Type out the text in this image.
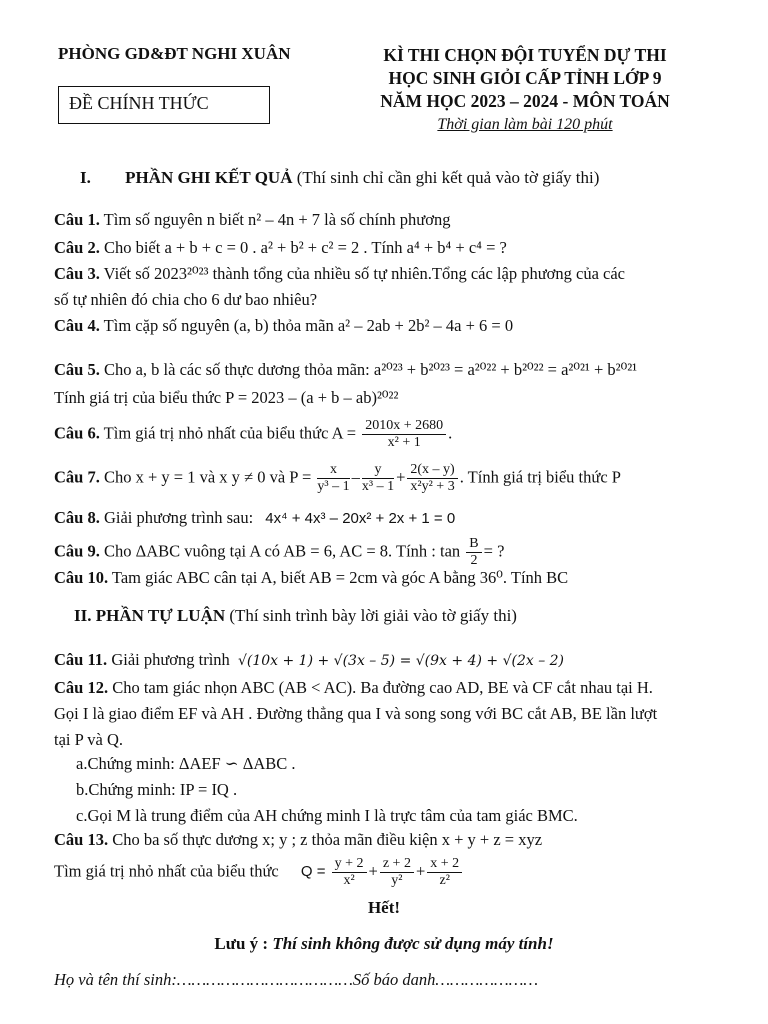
PHÒNG GD&ĐT NGHI XUÂN
ĐỀ CHÍNH THỨC
KÌ THI CHỌN ĐỘI TUYỂN DỰ THI
HỌC SINH GIỎI CẤP TỈNH LỚP 9
NĂM HỌC 2023 – 2024 - MÔN TOÁN
Thời gian làm bài 120 phút
I. PHẦN GHI KẾT QUẢ (Thí sinh chỉ cần ghi kết quả vào tờ giấy thi)
Câu 1. Tìm số nguyên n biết n² – 4n + 7 là số chính phương
Câu 2. Cho biết a + b + c = 0 . a² + b² + c² = 2 . Tính a⁴ + b⁴ + c⁴ = ?
Câu 3. Viết số 2023²⁰²³ thành tổng của nhiều số tự nhiên.Tổng các lập phương của các
số tự nhiên đó chia cho 6 dư bao nhiêu?
Câu 4. Tìm cặp số nguyên (a, b) thỏa mãn a² – 2ab + 2b² – 4a + 6 = 0
Câu 5. Cho a, b là các số thực dương thỏa mãn: a²⁰²³ + b²⁰²³ = a²⁰²² + b²⁰²² = a²⁰²¹ + b²⁰²¹
Tính giá trị của biểu thức P = 2023 – (a + b – ab)²⁰²²
Câu 6. Tìm giá trị nhỏ nhất của biểu thức $A = \frac{2010x + 2680}{\text{x² + 1}}$ .
Câu 7. Cho x + y = 1 và x y ≠ 0 và $P = \frac{x}{\text{y³ – 1}} - \frac{y}{\text{x³ – 1}} + \frac{2(x - y)}{\text{x²y² + 3}}$ . Tính giá trị biểu thức P
Câu 8. Giải phương trình sau: 4x⁴ + 4x³ – 20x² + 2x + 1 = 0
Câu 9. Cho ΔABC vuông tại A có AB = 6, AC = 8. Tính : $\tan \frac{B}{2}$ = ?
Câu 10. Tam giác ABC cân tại A, biết AB = 2cm và góc A bằng 36⁰. Tính BC
II. PHẦN TỰ LUẬN (Thí sinh trình bày lời giải vào tờ giấy thi)
Câu 11. Giải phương trình √(10x + 1) + √(3x – 5) = √(9x + 4) + √(2x – 2)
Câu 12. Cho tam giác nhọn ABC (AB < AC). Ba đường cao AD, BE và CF cắt nhau tại H.
Gọi I là giao điểm EF và AH . Đường thẳng qua I và song song với BC cắt AB, BE lần lượt
tại P và Q.
a.Chứng minh: ΔAEF ∽ ΔABC .
b.Chứng minh: IP = IQ .
c.Gọi M là trung điểm của AH chứng minh I là trực tâm của tam giác BMC.
Câu 13. Cho ba số thực dương x; y ; z thỏa mãn điều kiện x + y + z = xyz
Tìm giá trị nhỏ nhất của biểu thức $Q = \frac{y + 2}{\text{x²}} + \frac{z + 2}{\text{y²}} + \frac{x + 2}{\text{z²}}$
Hết!
Lưu ý : Thí sinh không được sử dụng máy tính!
Họ và tên thí sinh:………………………………Số báo danh…………………
